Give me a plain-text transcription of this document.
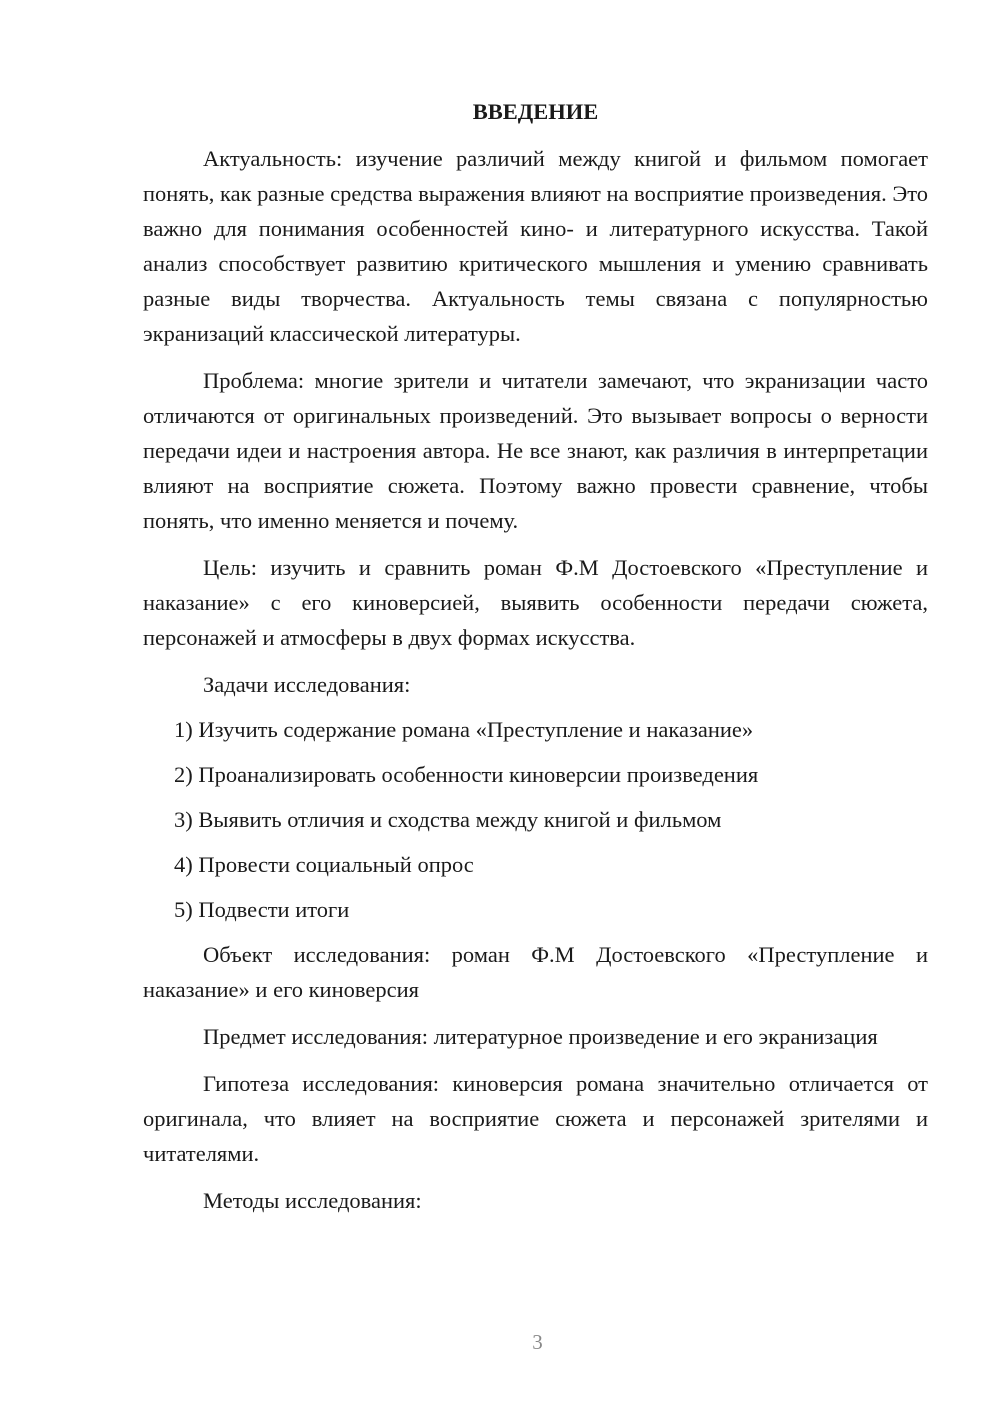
ВВЕДЕНИЕ

Актуальность: изучение различий между книгой и фильмом помогает понять, как разные средства выражения влияют на восприятие произведения. Это важно для понимания особенностей кино- и литературного искусства. Такой анализ способствует развитию критического мышления и умению сравнивать разные виды творчества. Актуальность темы связана с популярностью экранизаций классической литературы.

Проблема: многие зрители и читатели замечают, что экранизации часто отличаются от оригинальных произведений. Это вызывает вопросы о верности передачи идеи и настроения автора. Не все знают, как различия в интерпретации влияют на восприятие сюжета. Поэтому важно провести сравнение, чтобы понять, что именно меняется и почему.

Цель: изучить и сравнить роман Ф.М Достоевского «Преступление и наказание» с его киноверсией, выявить особенности передачи сюжета, персонажей и атмосферы в двух формах искусства.

Задачи исследования:

1) Изучить содержание романа «Преступление и наказание»
2) Проанализировать особенности киноверсии произведения
3) Выявить отличия и сходства между книгой и фильмом
4) Провести социальный опрос
5) Подвести итоги

Объект исследования: роман Ф.М Достоевского «Преступление и наказание» и его киноверсия

Предмет исследования: литературное произведение и его экранизация

Гипотеза исследования: киноверсия романа значительно отличается от оригинала, что влияет на восприятие сюжета и персонажей зрителями и читателями.

Методы исследования:

3
